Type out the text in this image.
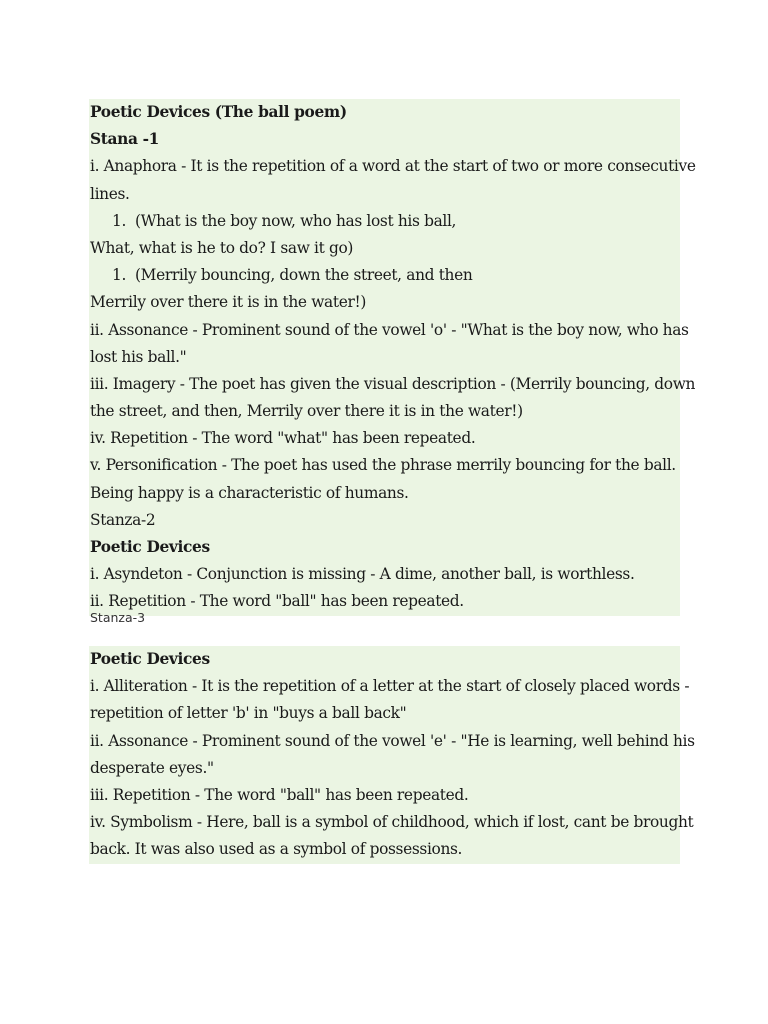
Poetic Devices (The ball poem)
Stana -1
i. Anaphora - It is the repetition of a word at the start of two or more consecutive
lines.
1. (What is the boy now, who has lost his ball,
What, what is he to do? I saw it go)
1. (Merrily bouncing, down the street, and then
Merrily over there it is in the water!)
ii. Assonance - Prominent sound of the vowel 'o' - "What is the boy now, who has
lost his ball."
iii. Imagery - The poet has given the visual description - (Merrily bouncing, down
the street, and then, Merrily over there it is in the water!)
iv. Repetition - The word "what" has been repeated.
v. Personification - The poet has used the phrase merrily bouncing for the ball.
Being happy is a characteristic of humans.
Stanza-2
Poetic Devices
i. Asyndeton - Conjunction is missing - A dime, another ball, is worthless.
ii. Repetition - The word "ball" has been repeated.
Stanza-3
Poetic Devices
i. Alliteration - It is the repetition of a letter at the start of closely placed words -
repetition of letter 'b' in "buys a ball back"
ii. Assonance - Prominent sound of the vowel 'e' - "He is learning, well behind his
desperate eyes."
iii. Repetition - The word "ball" has been repeated.
iv. Symbolism - Here, ball is a symbol of childhood, which if lost, cant be brought
back. It was also used as a symbol of possessions.
